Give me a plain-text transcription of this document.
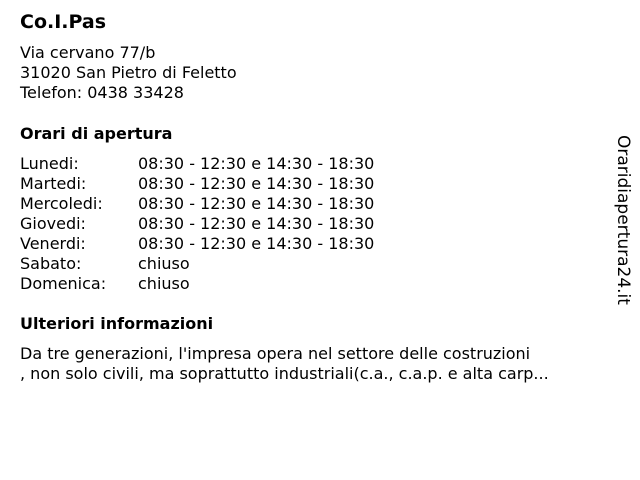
Co.I.Pas
Via cervano 77/b
31020 San Pietro di Feletto
Telefon: 0438 33428
Orari di apertura
Lunedi:	08:30 - 12:30 e 14:30 - 18:30
Martedi:	08:30 - 12:30 e 14:30 - 18:30
Mercoledi: 08:30 - 12:30 e 14:30 - 18:30
Giovedi:	08:30 - 12:30 e 14:30 - 18:30
Venerdi:	08:30 - 12:30 e 14:30 - 18:30
Sabato:	chiuso
Domenica: chiuso
Ulteriori informazioni
Da tre generazioni, l'impresa opera nel settore delle costruzioni
, non solo civili, ma soprattutto industriali(c.a., c.a.p. e alta carp...
Oraridiapertura24.it
